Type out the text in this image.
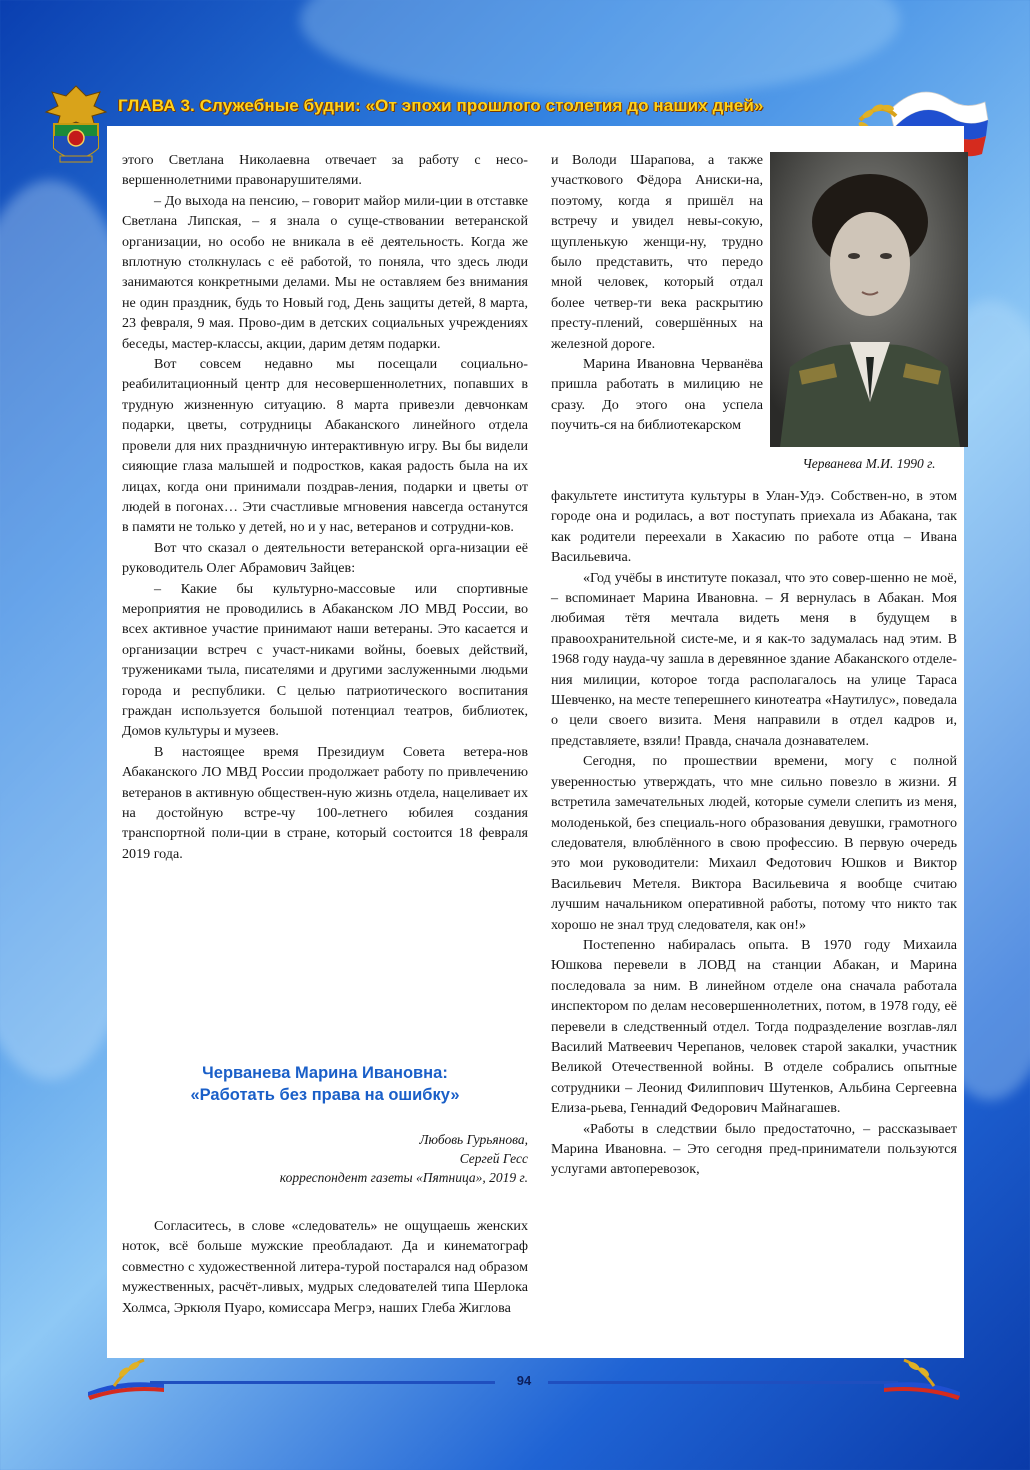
ГЛАВА 3. Служебные будни: «От эпохи прошлого столетия до наших дней»

этого Светлана Николаевна отвечает за работу с несо-вершеннолетними правонарушителями.

– До выхода на пенсию, – говорит майор мили-ции в отставке Светлана Липская, – я знала о суще-ствовании ветеранской организации, но особо не вникала в её деятельность. Когда же вплотную столкнулась с её работой, то поняла, что здесь люди занимаются конкретными делами. Мы не оставляем без внимания не один праздник, будь то Новый год, День защиты детей, 8 марта, 23 февраля, 9 мая. Прово-дим в детских социальных учреждениях беседы, мастер-классы, акции, дарим детям подарки.

Вот совсем недавно мы посещали социально-реабилитационный центр для несовершеннолетних, попавших в трудную жизненную ситуацию. 8 марта привезли девчонкам подарки, цветы, сотрудницы Абаканского линейного отдела провели для них праздничную интерактивную игру. Вы бы видели сияющие глаза малышей и подростков, какая радость была на их лицах, когда они принимали поздрав-ления, подарки и цветы от людей в погонах… Эти счастливые мгновения навсегда останутся в памяти не только у детей, но и у нас, ветеранов и сотрудни-ков.

Вот что сказал о деятельности ветеранской орга-низации её руководитель Олег Абрамович Зайцев:

– Какие бы культурно-массовые или спортивные мероприятия не проводились в Абаканском ЛО МВД России, во всех активное участие принимают наши ветераны. Это касается и организации встреч с участ-никами войны, боевых действий, тружениками тыла, писателями и другими заслуженными людьми города и республики. С целью патриотического воспитания граждан используется большой потенциал театров, библиотек, Домов культуры и музеев.

В настоящее время Президиум Совета ветера-нов Абаканского ЛО МВД России продолжает работу по привлечению ветеранов в активную обществен-ную жизнь отдела, нацеливает их на достойную встре-чу 100-летнего юбилея создания транспортной поли-ции в стране, который состоится 18 февраля 2019 года.

Черванева Марина Ивановна:
«Работать без права на ошибку»
Любовь Гурьянова,
Сергей Гесс
корреспондент газеты «Пятница», 2019 г.

Согласитесь, в слове «следователь» не ощущаешь женских ноток, всё больше мужские преобладают. Да и кинематограф совместно с художественной литера-турой постарался над образом мужественных, расчёт-ливых, мудрых следователей типа Шерлока Холмса, Эркюля Пуаро, комиссара Мегрэ, наших Глеба Жиглова

и Володи Шарапова, а также участкового Фёдора Аниски-на, поэтому, когда я пришёл на встречу и увидел невы-сокую, щупленькую женщи-ну, трудно было представить, что передо мной человек, который отдал более четвер-ти века раскрытию престу-плений, совершённых на железной дороге.

Марина Ивановна Черванёва пришла работать в милицию не сразу. До этого она успела поучить-ся на библиотекарском

Черванева М.И. 1990 г.

факультете института культуры в Улан-Удэ. Собствен-но, в этом городе она и родилась, а вот поступать приехала из Абакана, так как родители переехали в Хакасию по работе отца – Ивана Васильевича.

«Год учёбы в институте показал, что это совер-шенно не моё, – вспоминает Марина Ивановна. – Я вернулась в Абакан. Моя любимая тётя мечтала видеть меня в будущем в правоохранительной систе-ме, и я как-то задумалась над этим. В 1968 году науда-чу зашла в деревянное здание Абаканского отделе-ния милиции, которое тогда располагалось на улице Тараса Шевченко, на месте теперешнего кинотеатра «Наутилус», поведала о цели своего визита. Меня направили в отдел кадров и, представляете, взяли! Правда, сначала дознавателем.

Сегодня, по прошествии времени, могу с полной уверенностью утверждать, что мне сильно повезло в жизни. Я встретила замечательных людей, которые сумели слепить из меня, молоденькой, без специаль-ного образования девушки, грамотного следователя, влюблённого в свою профессию. В первую очередь это мои руководители: Михаил Федотович Юшков и Виктор Васильевич Метеля. Виктора Васильевича я вообще считаю лучшим начальником оперативной работы, потому что никто так хорошо не знал труд следователя, как он!»

Постепенно набиралась опыта. В 1970 году Михаила Юшкова перевели в ЛОВД на станции Абакан, и Марина последовала за ним. В линейном отделе она сначала работала инспектором по делам несовершеннолетних, потом, в 1978 году, её перевели в следственный отдел. Тогда подразделение возглав-лял Василий Матвеевич Черепанов, человек старой закалки, участник Великой Отечественной войны. В отделе собрались опытные сотрудники – Леонид Филиппович Шутенков, Альбина Сергеевна Елиза-рьева, Геннадий Федорович Майнагашев.

«Работы в следствии было предостаточно, – рассказывает Марина Ивановна. – Это сегодня пред-приниматели пользуются услугами автоперевозок,

94
